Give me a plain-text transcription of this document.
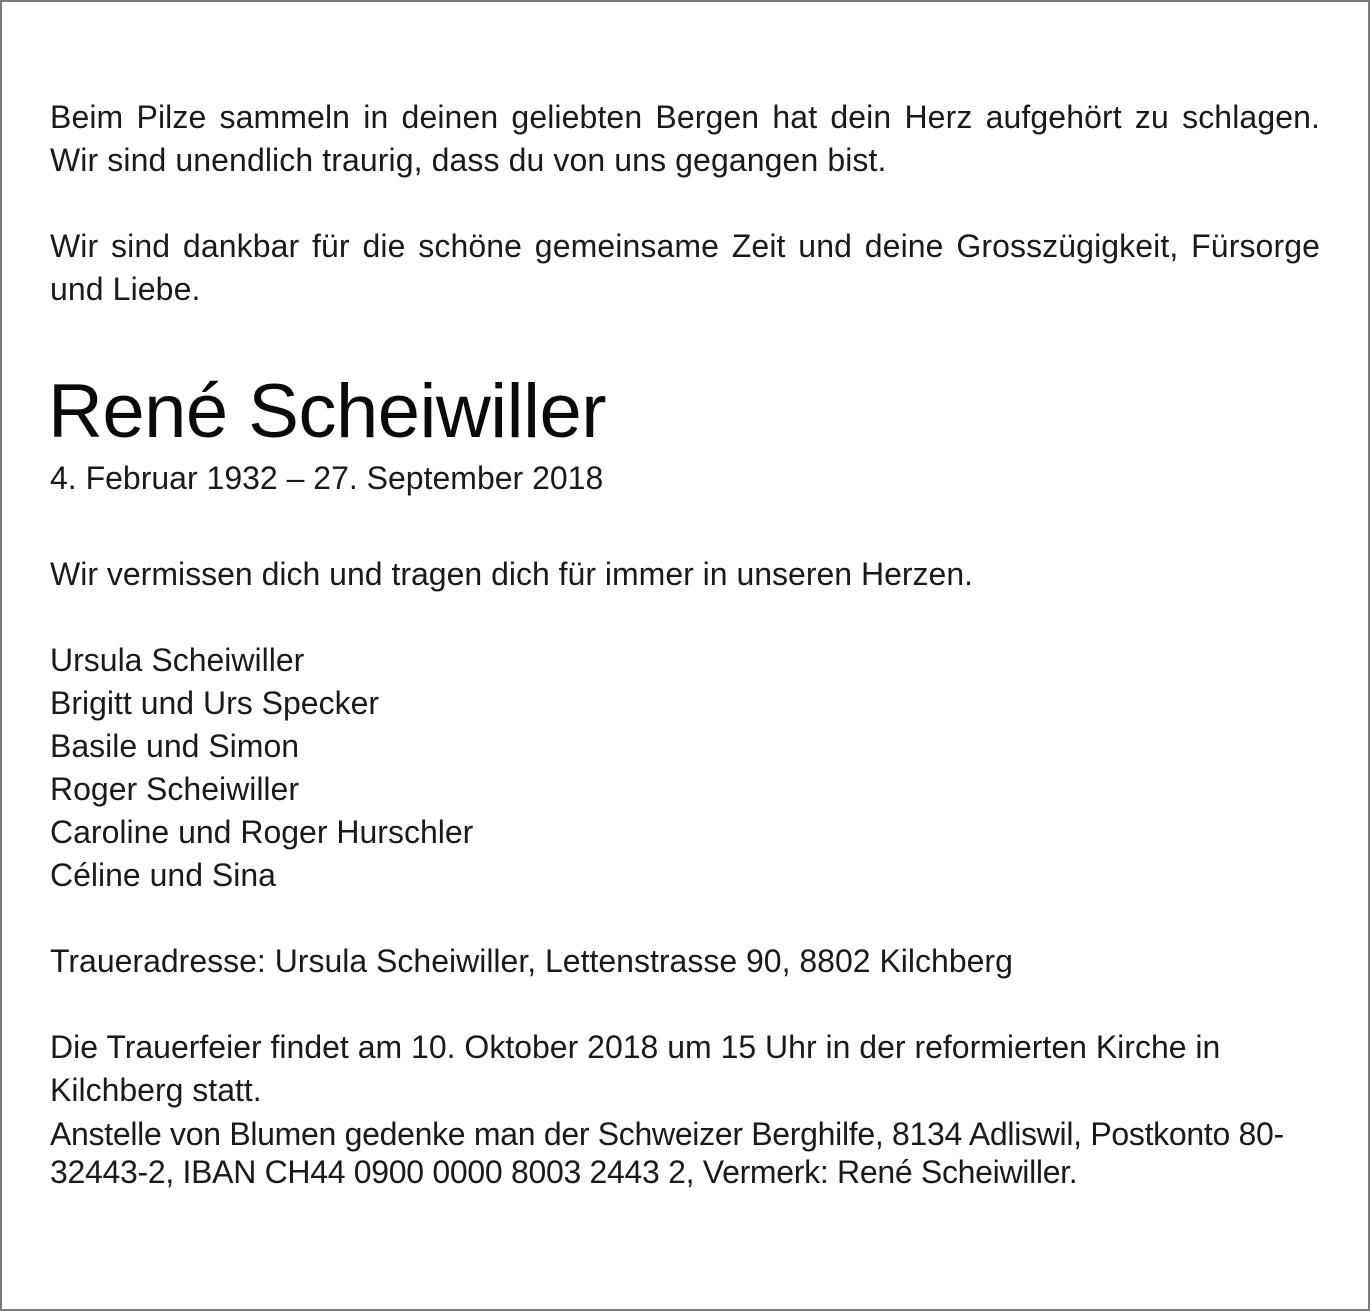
Beim Pilze sammeln in deinen geliebten Bergen hat dein Herz aufgehört zu schlagen. Wir sind unendlich traurig, dass du von uns gegangen bist.

Wir sind dankbar für die schöne gemeinsame Zeit und deine Grosszügigkeit, Fürsorge und Liebe.

René Scheiwiller

4. Februar 1932 – 27. September 2018

Wir vermissen dich und tragen dich für immer in unseren Herzen.

Ursula Scheiwiller
Brigitt und Urs Specker
Basile und Simon
Roger Scheiwiller
Caroline und Roger Hurschler
Céline und Sina

Traueradresse: Ursula Scheiwiller, Lettenstrasse 90, 8802 Kilchberg

Die Trauerfeier findet am 10. Oktober 2018 um 15 Uhr in der reformierten Kirche in Kilchberg statt.

Anstelle von Blumen gedenke man der Schweizer Berghilfe, 8134 Adliswil, Postkonto 80-32443-2, IBAN CH44 0900 0000 8003 2443 2, Vermerk: René Scheiwiller.
